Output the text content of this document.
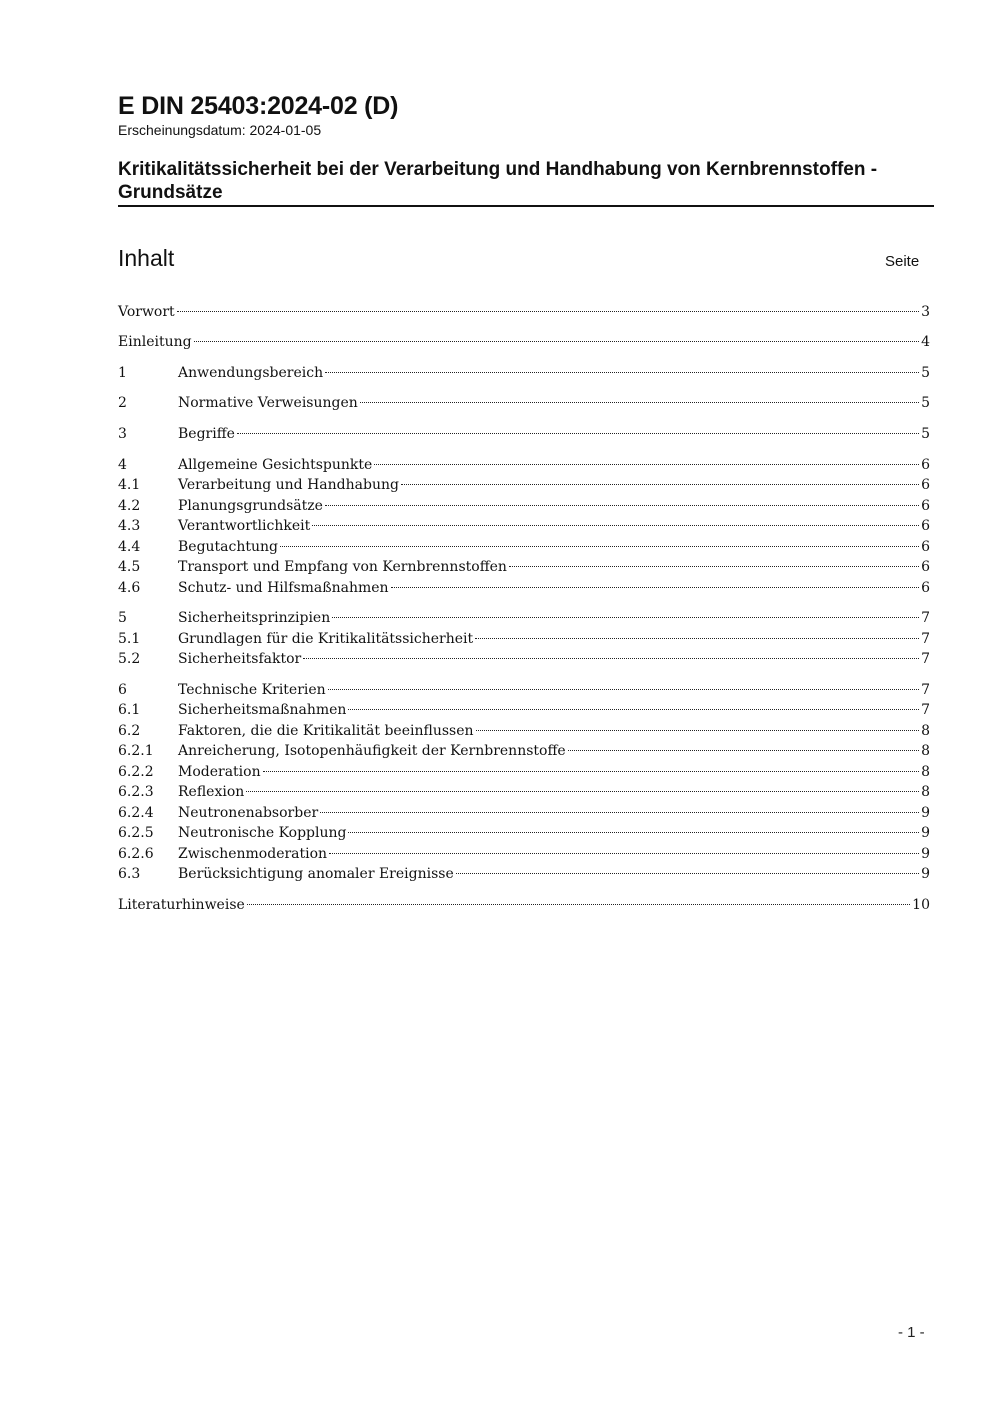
E DIN 25403:2024-02 (D)
Erscheinungsdatum: 2024-01-05
Kritikalitätssicherheit bei der Verarbeitung und Handhabung von Kernbrennstoffen - Grundsätze
Inhalt	Seite
Vorwort	3
Einleitung	4
1	Anwendungsbereich	5
2	Normative Verweisungen	5
3	Begriffe	5
4	Allgemeine Gesichtspunkte	6
4.1	Verarbeitung und Handhabung	6
4.2	Planungsgrundsätze	6
4.3	Verantwortlichkeit	6
4.4	Begutachtung	6
4.5	Transport und Empfang von Kernbrennstoffen	6
4.6	Schutz- und Hilfsmaßnahmen	6
5	Sicherheitsprinzipien	7
5.1	Grundlagen für die Kritikalitätssicherheit	7
5.2	Sicherheitsfaktor	7
6	Technische Kriterien	7
6.1	Sicherheitsmaßnahmen	7
6.2	Faktoren, die die Kritikalität beeinflussen	8
6.2.1	Anreicherung, Isotopenhäufigkeit der Kernbrennstoffe	8
6.2.2	Moderation	8
6.2.3	Reflexion	8
6.2.4	Neutronenabsorber	9
6.2.5	Neutronische Kopplung	9
6.2.6	Zwischenmoderation	9
6.3	Berücksichtigung anomaler Ereignisse	9
Literaturhinweise	10
- 1 -
